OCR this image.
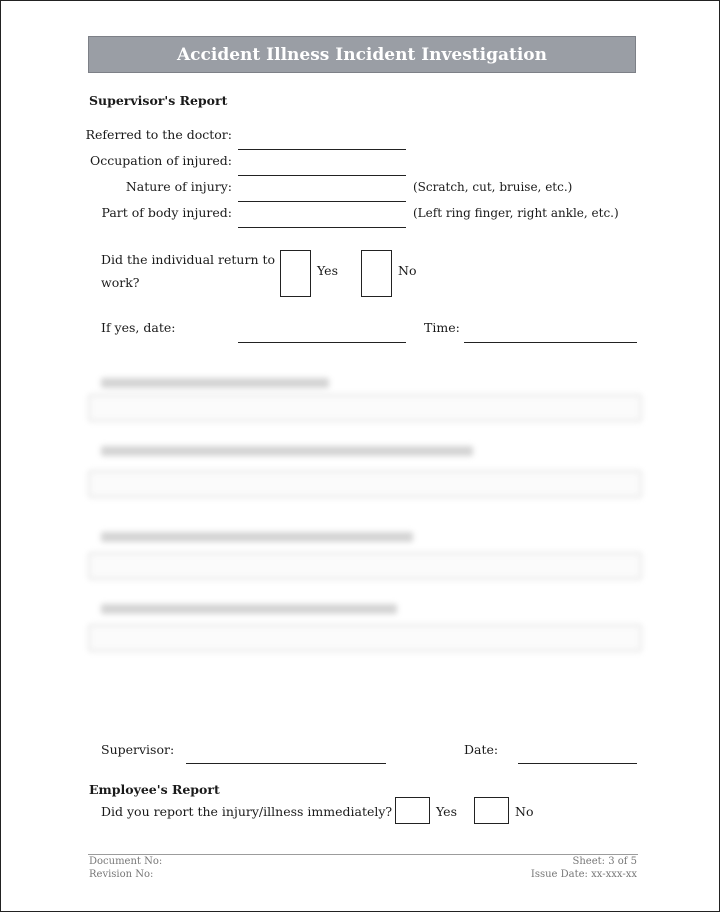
Accident Illness Incident Investigation
Supervisor's Report
Referred to the doctor:
Occupation of injured:
Nature of injury:	(Scratch, cut, bruise, etc.)
Part of body injured:	(Left ring finger, right ankle, etc.)
Did the individual return to
work?
Yes	No
If yes, date:	Time:
Supervisor:	Date:
Employee's Report
Did you report the injury/illness immediately?	Yes	No
Document No:
Revision No:
Sheet: 3 of 5
Issue Date: xx-xxx-xx
